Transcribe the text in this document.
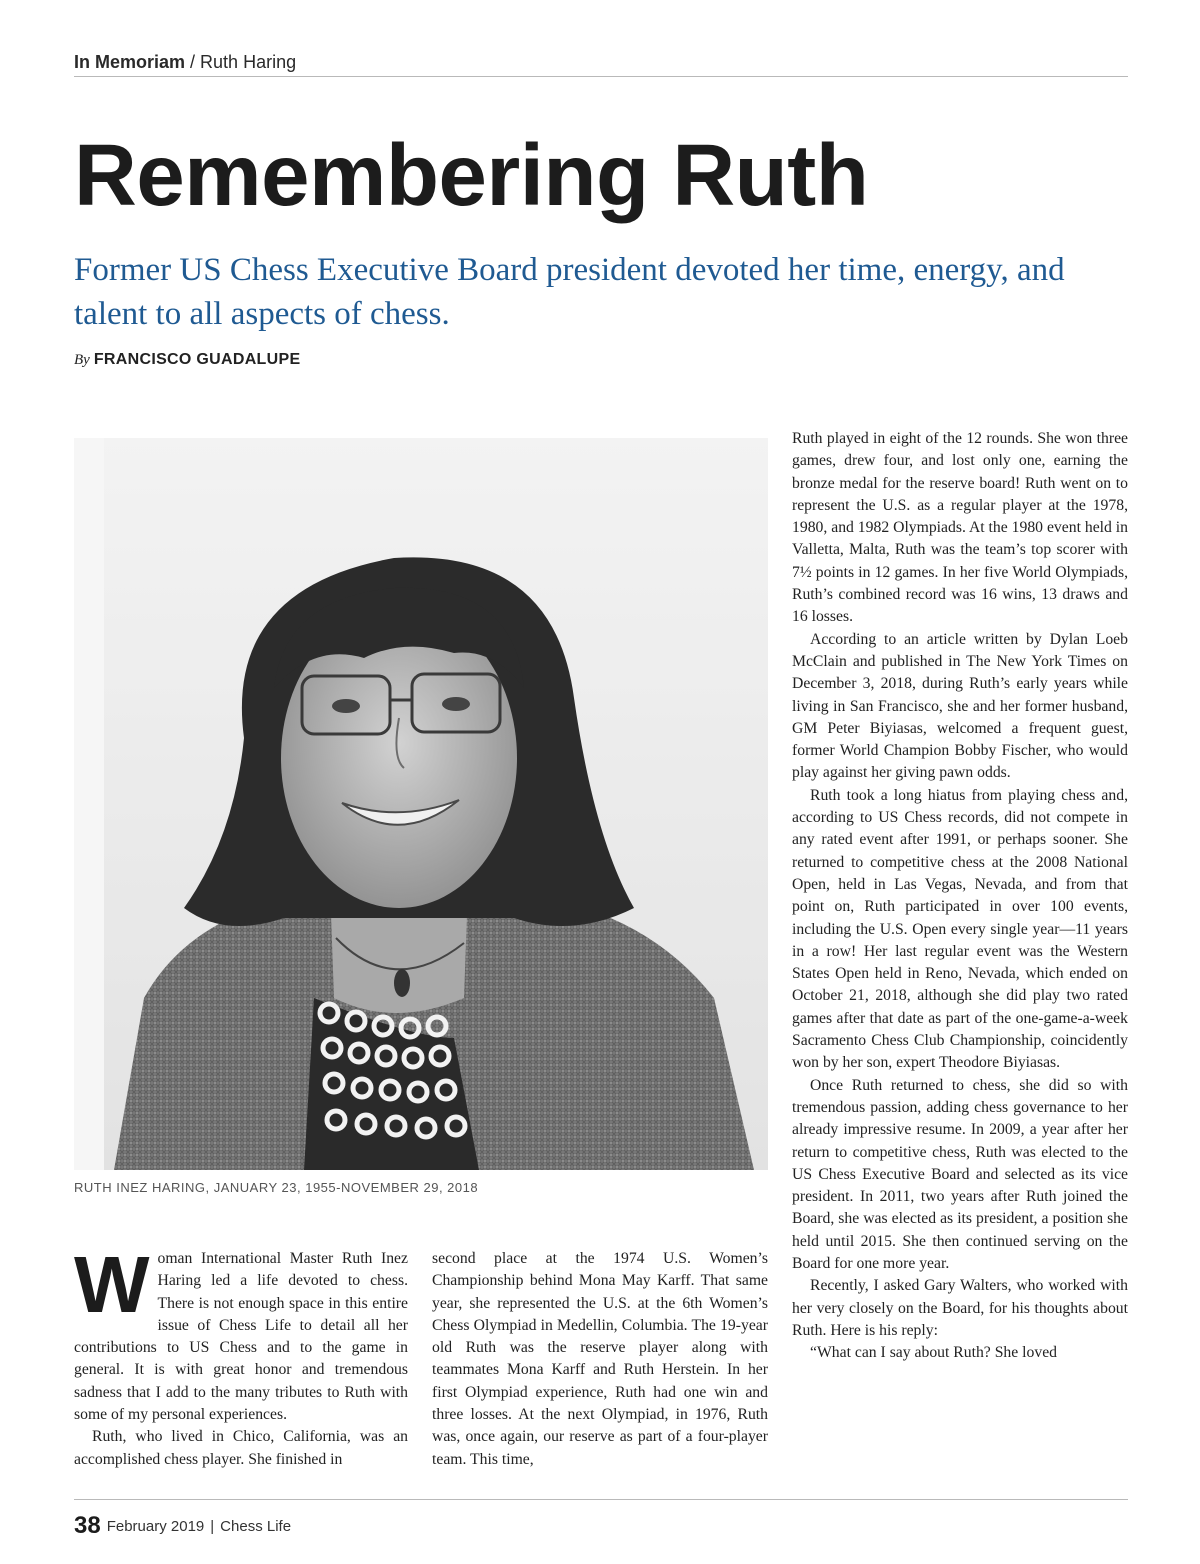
In Memoriam / Ruth Haring
Remembering Ruth

Former US Chess Executive Board president devoted her time, energy, and talent to all aspects of chess.

By FRANCISCO GUADALUPE
RUTH INEZ HARING, JANUARY 23, 1955-NOVEMBER 29, 2018

Woman International Master Ruth Inez Haring led a life devoted to chess. There is not enough space in this entire issue of Chess Life to detail all her contributions to US Chess and to the game in general. It is with great honor and tremendous sadness that I add to the many tributes to Ruth with some of my personal experiences.

Ruth, who lived in Chico, California, was an accomplished chess player. She finished in

second place at the 1974 U.S. Women’s Championship behind Mona May Karff. That same year, she represented the U.S. at the 6th Women’s Chess Olympiad in Medellin, Columbia. The 19-year old Ruth was the reserve player along with teammates Mona Karff and Ruth Herstein. In her first Olympiad experience, Ruth had one win and three losses. At the next Olympiad, in 1976, Ruth was, once again, our reserve as part of a four-player team. This time,

Ruth played in eight of the 12 rounds. She won three games, drew four, and lost only one, earning the bronze medal for the reserve board! Ruth went on to represent the U.S. as a regular player at the 1978, 1980, and 1982 Olympiads. At the 1980 event held in Valletta, Malta, Ruth was the team’s top scorer with 7½ points in 12 games. In her five World Olympiads, Ruth’s combined record was 16 wins, 13 draws and 16 losses.

According to an article written by Dylan Loeb McClain and published in The New York Times on December 3, 2018, during Ruth’s early years while living in San Francisco, she and her former husband, GM Peter Biyiasas, welcomed a frequent guest, former World Champion Bobby Fischer, who would play against her giving pawn odds.

Ruth took a long hiatus from playing chess and, according to US Chess records, did not compete in any rated event after 1991, or perhaps sooner. She returned to competitive chess at the 2008 National Open, held in Las Vegas, Nevada, and from that point on, Ruth participated in over 100 events, including the U.S. Open every single year—11 years in a row! Her last regular event was the Western States Open held in Reno, Nevada, which ended on October 21, 2018, although she did play two rated games after that date as part of the one-game-a-week Sacramento Chess Club Championship, coincidently won by her son, expert Theodore Biyiasas.

Once Ruth returned to chess, she did so with tremendous passion, adding chess governance to her already impressive resume. In 2009, a year after her return to competitive chess, Ruth was elected to the US Chess Executive Board and selected as its vice president. In 2011, two years after Ruth joined the Board, she was elected as its president, a position she held until 2015. She then continued serving on the Board for one more year.

Recently, I asked Gary Walters, who worked with her very closely on the Board, for his thoughts about Ruth. Here is his reply:

“What can I say about Ruth? She loved

38 February 2019 | Chess Life
